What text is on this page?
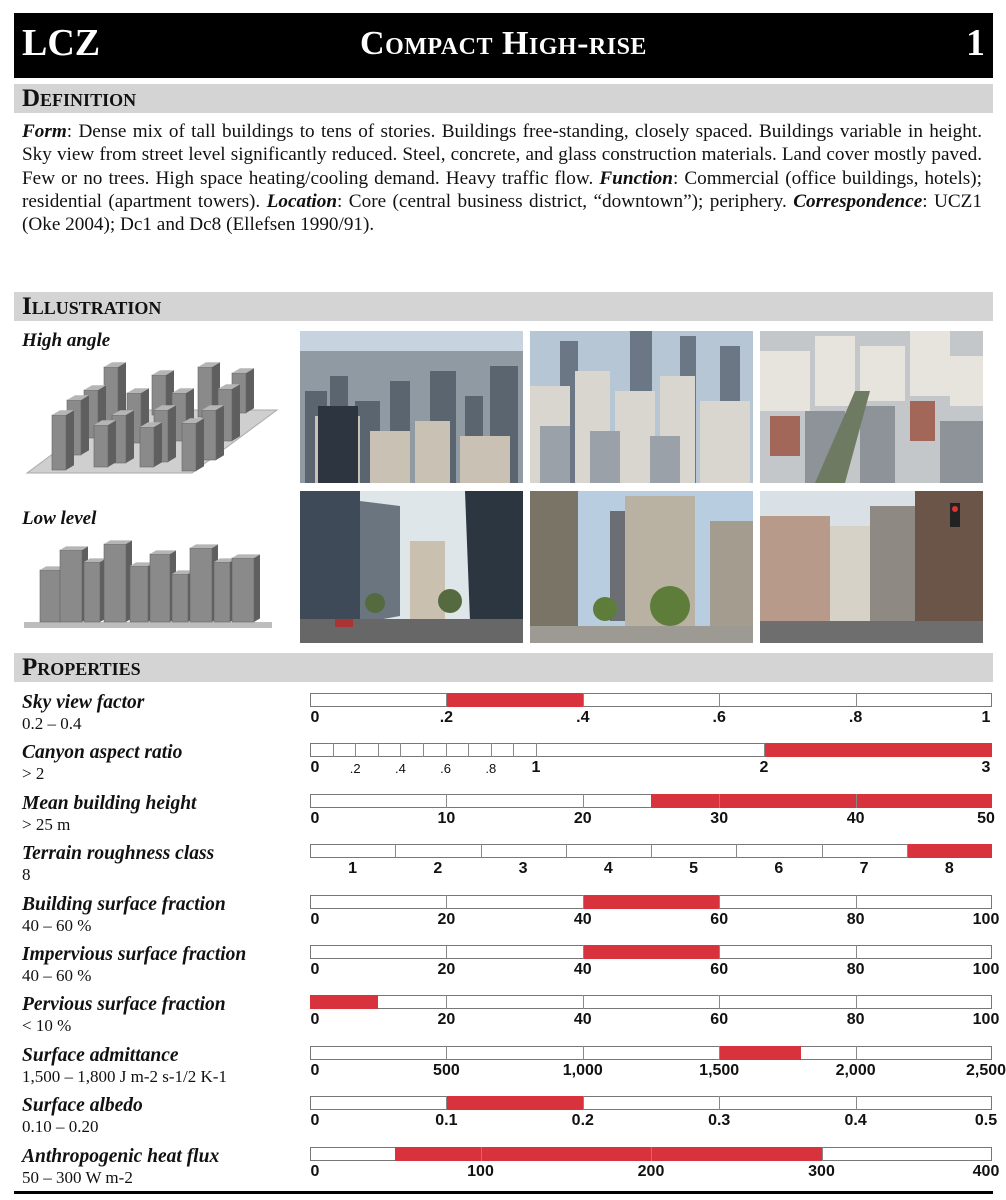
LCZ	Compact High-rise	1
Definition
Form: Dense mix of tall buildings to tens of stories. Buildings free-standing, closely spaced. Buildings variable in height. Sky view from street level significantly reduced. Steel, concrete, and glass construction materials. Land cover mostly paved. Few or no trees. High space heating/cooling demand. Heavy traffic flow. Function: Commercial (office buildings, hotels); residential (apartment towers). Location: Core (central business district, “downtown”); periphery. Correspondence: UCZ1 (Oke 2004); Dc1 and Dc8 (Ellefsen 1990/91).
Illustration
High angle
Low level
Properties
Sky view factor
0.2 – 0.4	0	.2	.4	.6	.8	1
Canyon aspect ratio
> 2	0 .2	.4	.6	.8 1	2	3
Mean building height
> 25 m	0	10	20	30	40	50
Terrain roughness class
8	1	2	3	4	5	6	7	8
Building surface fraction
40 – 60 %	0	20	40	60	80	100
Impervious surface fraction
40 – 60 %	0	20	40	60	80	100
Pervious surface fraction
< 10 %	0	20	40	60	80	100
Surface admittance
1,500 – 1,800 J m-2 s-1/2 K-1	0	500	1,000	1,500	2,000	2,500
Surface albedo
0.10 – 0.20	0	0.1	0.2	0.3	0.4	0.5
Anthropogenic heat flux
50 – 300 W m-2	0	100	200	300	400
